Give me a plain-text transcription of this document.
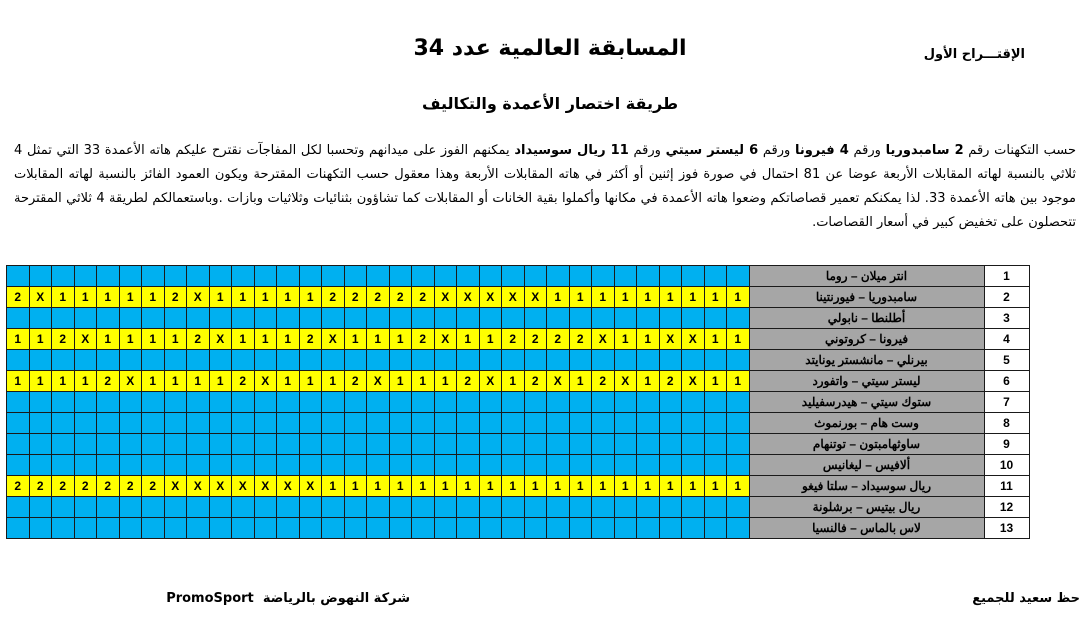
الإقتـــراح الأول
المسابقة العالمية عدد 34
طريقة اختصار الأعمدة والتكاليف
حسب التكهنات رقم 2 سامبدوريا ورقم 4 فيرونا ورقم 6 ليستر سيتي ورقم 11 ريال سوسيداد يمكنهم الفوز على ميدانهم وتحسبا لكل المفاجآت نقترح عليكم هاته الأعمدة 33 التي تمثل 4 ثلاثي بالنسبة لهاته المقابلات الأربعة عوضا عن 81 احتمال في صورة فوز إثنين أو أكثر في هاته المقابلات الأربعة وهذا معقول حسب التكهنات المقترحة ويكون العمود الفائز بالنسبة لهاته المقابلات موجود بين هاته الأعمدة 33. لذا يمكنكم تعمير قصاصاتكم وضعوا هاته الأعمدة في مكانها وأكملوا بقية الخانات أو المقابلات كما تشاؤون بثنائيات وثلاثيات وبازات .وباستعمالكم لطريقة 4 ثلاثي المقترحة تتحصلون على تخفيض كبير في أسعار القصاصات.
																																	انتر ميلان – روما	1
2	X	1	1	1	1	1	2	X	1	1	1	1	1	2	2	2	2	2	X	X	X	X	X	1	1	1	1	1	1	1	1	1	سامبدوريا – فيورنتينا	2
																																	أطلنطا – نابولي	3
1	1	2	X	1	1	1	1	2	X	1	1	1	2	X	1	1	1	2	X	1	1	2	2	2	2	X	1	1	X	X	1	1	فيرونا – كروتوني	4
																																	بيرنلي – مانشستر يونايتد	5
1	1	1	1	2	X	1	1	1	1	2	X	1	1	1	2	X	1	1	1	2	X	1	2	X	1	2	X	1	2	X	1	1	ليستر سيتي – واتفورد	6
																																	ستوك سيتي – هيدرسفيليد	7
																																	وست هام – بورنموث	8
																																	ساوثهامبتون – توتنهام	9
																																	ألافيس – ليغانيس	10
2	2	2	2	2	2	2	X	X	X	X	X	X	X	1	1	1	1	1	1	1	1	1	1	1	1	1	1	1	1	1	1	1	ريال سوسيداد – سلتا فيغو	11
																																	ريال بيتيس – برشلونة	12
																																	لاس بالماس – فالنسيا	13
حظ سعيد للجميع
شركة النهوض بالرياضة  PromoSport
